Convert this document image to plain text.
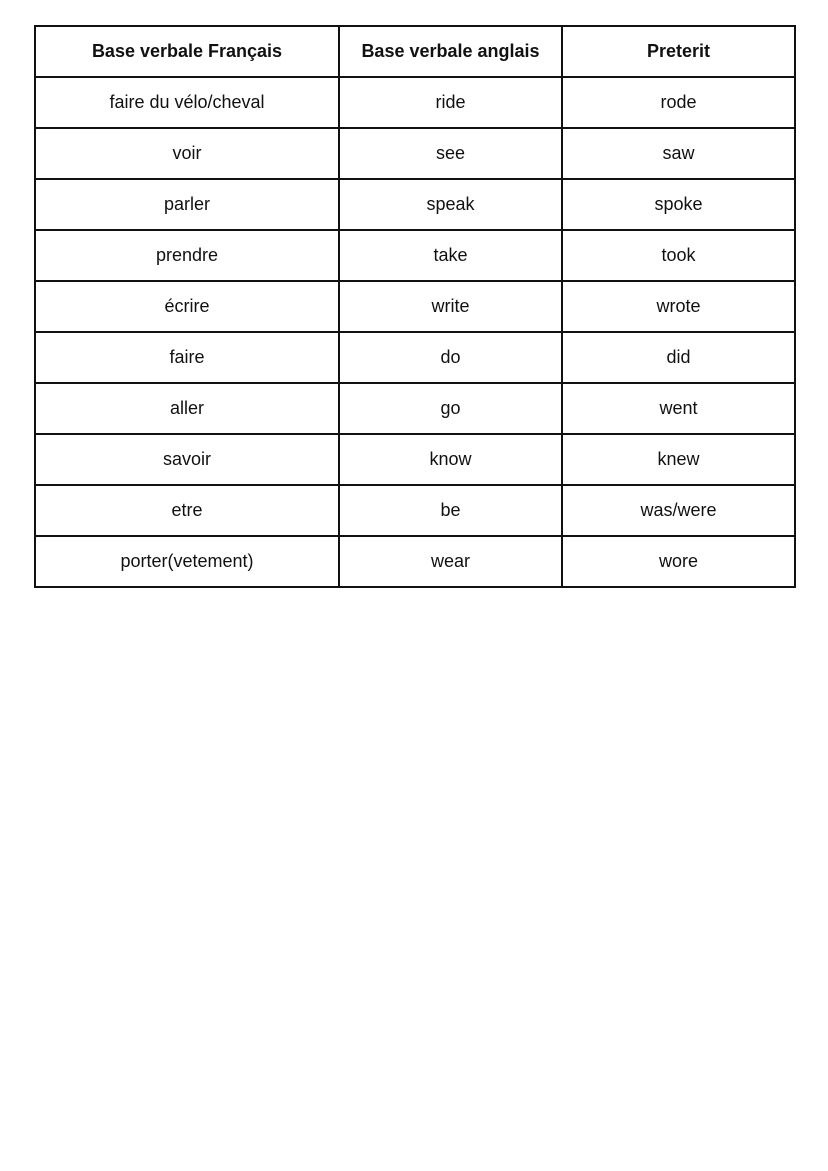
Base verbale Français	Base verbale anglais	Preterit
faire du vélo/cheval	ride	rode
voir	see	saw
parler	speak	spoke
prendre	take	took
écrire	write	wrote
faire	do	did
aller	go	went
savoir	know	knew
etre	be	was/were
porter(vetement)	wear	wore
